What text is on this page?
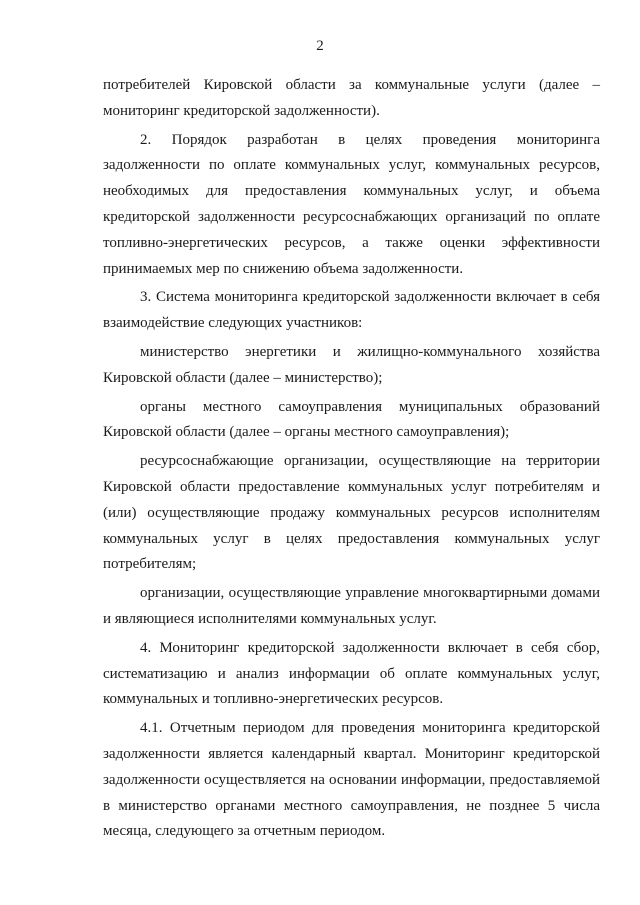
2

потребителей Кировской области за коммунальные услуги (далее – мониторинг кредиторской задолженности).

2. Порядок разработан в целях проведения мониторинга задолженности по оплате коммунальных услуг, коммунальных ресурсов, необходимых для предоставления коммунальных услуг, и объема кредиторской задолженности ресурсоснабжающих организаций по оплате топливно-энергетических ресурсов, а также оценки эффективности принимаемых мер по снижению объема задолженности.

3. Система мониторинга кредиторской задолженности включает в себя взаимодействие следующих участников:

министерство энергетики и жилищно-коммунального хозяйства Кировской области (далее – министерство);

органы местного самоуправления муниципальных образований Кировской области (далее – органы местного самоуправления);

ресурсоснабжающие организации, осуществляющие на территории Кировской области предоставление коммунальных услуг потребителям и (или) осуществляющие продажу коммунальных ресурсов исполнителям коммунальных услуг в целях предоставления коммунальных услуг потребителям;

организации, осуществляющие управление многоквартирными домами и являющиеся исполнителями коммунальных услуг.

4. Мониторинг кредиторской задолженности включает в себя сбор, систематизацию и анализ информации об оплате коммунальных услуг, коммунальных и топливно-энергетических ресурсов.

4.1. Отчетным периодом для проведения мониторинга кредиторской задолженности является календарный квартал. Мониторинг кредиторской задолженности осуществляется на основании информации, предоставляемой в министерство органами местного самоуправления, не позднее 5 числа месяца, следующего за отчетным периодом.
